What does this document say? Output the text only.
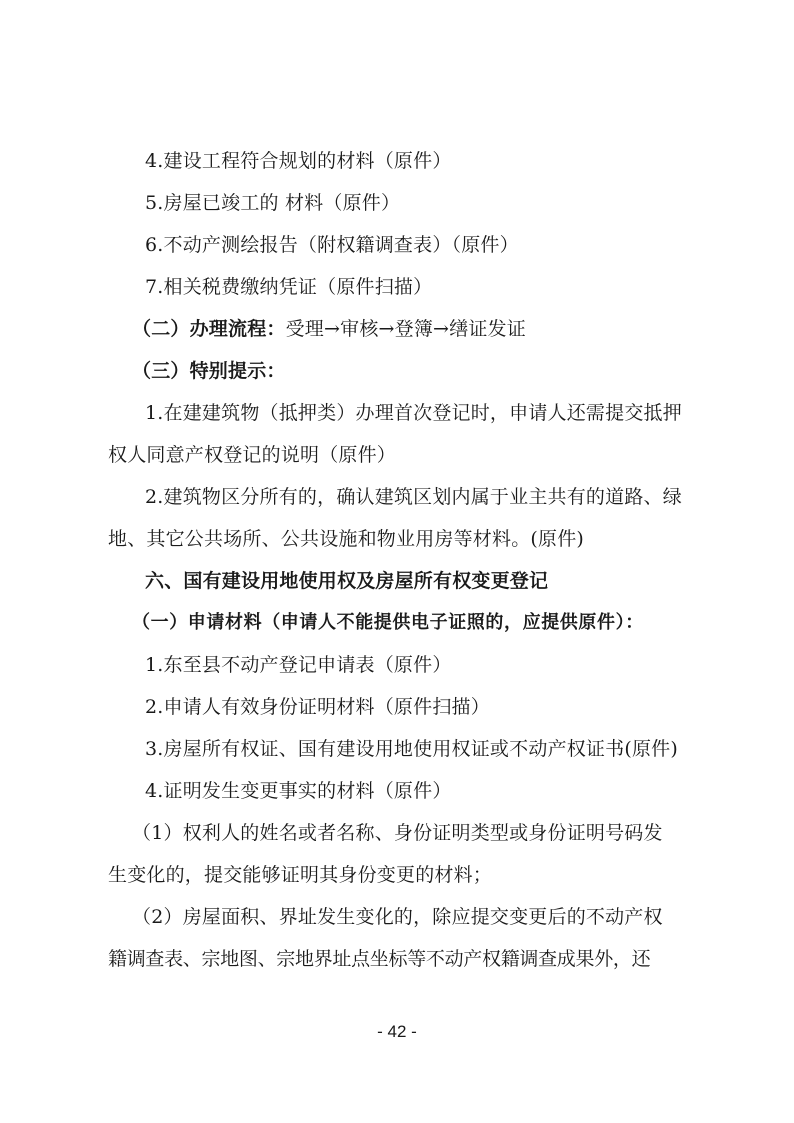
4.建设工程符合规划的材料（原件）
5.房屋已竣工的 材料（原件）
6.不动产测绘报告（附权籍调查表）（原件）
7.相关税费缴纳凭证（原件扫描）
（二）办理流程：受理→审核→登簿→缮证发证
（三）特别提示：
1.在建建筑物（抵押类）办理首次登记时，申请人还需提交抵押
权人同意产权登记的说明（原件）
2.建筑物区分所有的，确认建筑区划内属于业主共有的道路、绿
地、其它公共场所、公共设施和物业用房等材料。(原件)
六、国有建设用地使用权及房屋所有权变更登记
（一）申请材料（申请人不能提供电子证照的，应提供原件）：
1.东至县不动产登记申请表（原件）
2.申请人有效身份证明材料（原件扫描）
3.房屋所有权证、国有建设用地使用权证或不动产权证书(原件)
4.证明发生变更事实的材料（原件）
（1）权利人的姓名或者名称、身份证明类型或身份证明号码发
生变化的，提交能够证明其身份变更的材料；
（2）房屋面积、界址发生变化的，除应提交变更后的不动产权
籍调查表、宗地图、宗地界址点坐标等不动产权籍调查成果外，还
- 42 -
